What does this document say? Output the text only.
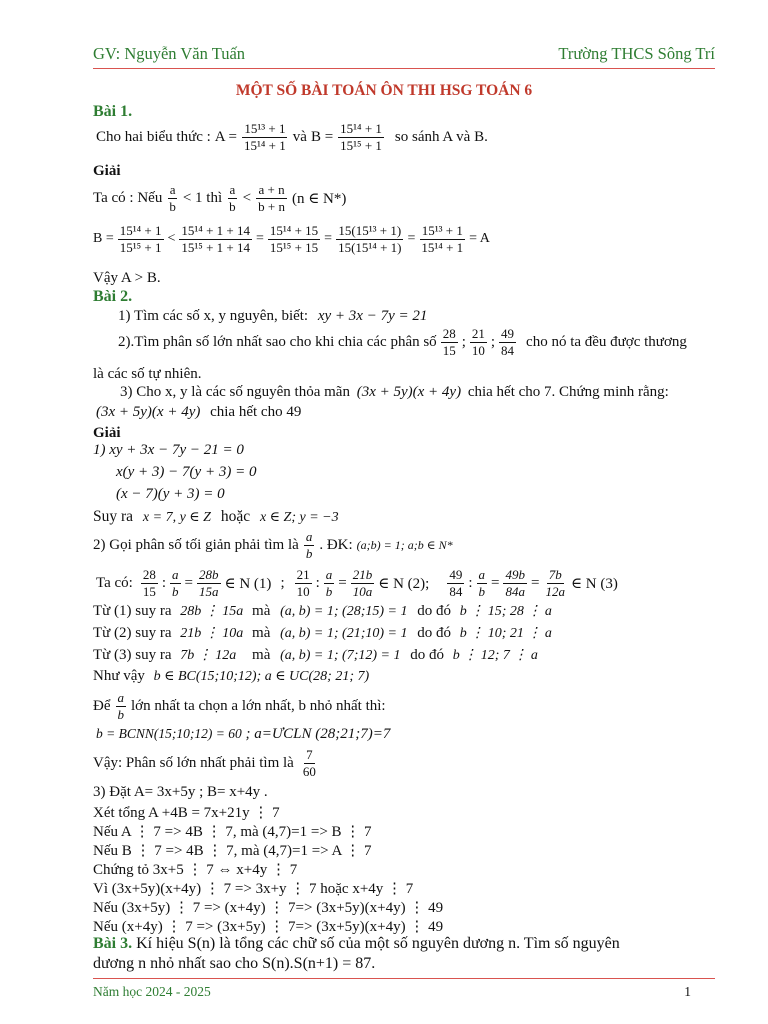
GV: Nguyễn Văn Tuấn	Trường THCS Sông Trí
MỘT SỐ BÀI TOÁN ÔN THI HSG TOÁN 6
Bài 1.
Cho hai biểu thức : $A = \frac{\text{15¹³ + 1}}{\text{15¹⁴ + 1}}$ và $B = \frac{\text{15¹⁴ + 1}}{\text{15¹⁵ + 1}}$ so sánh A và B.
Giải
Ta có : Nếu $\frac{a}{b} < 1$ thì $\frac{a}{b} < \frac{a + n}{b + n} (n$ ∈ N*)
$B = \frac{\text{15¹⁴ + 1}}{\text{15¹⁵ + 1}} < \frac{\text{15¹⁴ + 1 + 14}}{\text{15¹⁵ + 1 + 14}} = \frac{\text{15¹⁴ + 15}}{\text{15¹⁵ + 15}} = \frac{\text{15(15¹³ + 1)}}{\text{15(15¹⁴ + 1)}} = \frac{\text{15¹³ + 1}}{\text{15¹⁴ + 1}} = A$
Vậy A > B.
Bài 2.
1) Tìm các số x, y nguyên, biết: xy + 3x − 7y = 21
2).Tìm phân số lớn nhất sao cho khi chia các phân số $\frac{28}{15}$ ; $\frac{21}{10}$ ; $\frac{49}{84}$ cho nó ta đều được thương
là các số tự nhiên.
3) Cho x, y là các số nguyên thỏa mãn (3x + 5y)(x + 4y) chia hết cho 7. Chứng minh rằng:
(3x + 5y)(x + 4y) chia hết cho 49
Giải
1) xy + 3x − 7y − 21 = 0
x(y + 3) − 7(y + 3) = 0
(x − 7)(y + 3) = 0
Suy ra x = 7, y ∈ Z hoặc x ∈ Z; y = −3
2) Gọi phân số tối giản phải tìm là $\frac{a}{b}$ . ĐK: (a;b) = 1; a;b ∈ N*
Ta có: $\frac{28}{15}$ : $\frac{a}{b} = \frac{28b}{15a}$ ∈ N (1) ; $\frac{21}{10}$ : $\frac{a}{b} = \frac{21b}{10a}$ ∈ N (2); $\frac{49}{84}$ : $\frac{a}{b} = \frac{49b}{84a} = \frac{7b}{12a}$ ∈ N (3)
Từ (1) suy ra 28b ⋮ 15a mà (a, b) = 1; (28;15) = 1 do đó b ⋮ 15; 28 ⋮ a
Từ (2) suy ra 21b ⋮ 10a mà (a, b) = 1; (21;10) = 1 do đó b ⋮ 10; 21 ⋮ a
Từ (3) suy ra 7b ⋮ 12a mà (a, b) = 1; (7;12) = 1 do đó b ⋮ 12; 7 ⋮ a
Như vậy b ∈ BC(15;10;12); a ∈ UC(28; 21; 7)
Để $\frac{a}{b}$ lớn nhất ta chọn a lớn nhất, b nhỏ nhất thì:
b = BCNN(15;10;12) = 60 ; a=ƯCLN (28;21;7)=7
Vậy: Phân số lớn nhất phải tìm là $\frac{7}{60}$
3) Đặt A= 3x+5y ; B= x+4y .
Xét tổng A +4B = 7x+21y ⋮ 7
Nếu A ⋮ 7 => 4B ⋮ 7, mà (4,7)=1 => B ⋮ 7
Nếu B ⋮ 7 => 4B ⋮ 7, mà (4,7)=1 => A ⋮ 7
Chứng tỏ 3x+5 ⋮ 7 ⇔ x+4y ⋮ 7
Vì (3x+5y)(x+4y) ⋮ 7 => 3x+y ⋮ 7 hoặc x+4y ⋮ 7
Nếu (3x+5y) ⋮ 7 => (x+4y) ⋮ 7=> (3x+5y)(x+4y) ⋮ 49
Nếu (x+4y) ⋮ 7 => (3x+5y) ⋮ 7=> (3x+5y)(x+4y) ⋮ 49
Bài 3. Kí hiệu S(n) là tổng các chữ số của một số nguyên dương n. Tìm số nguyên
dương n nhỏ nhất sao cho S(n).S(n+1) = 87.
Năm học 2024 - 2025	1
